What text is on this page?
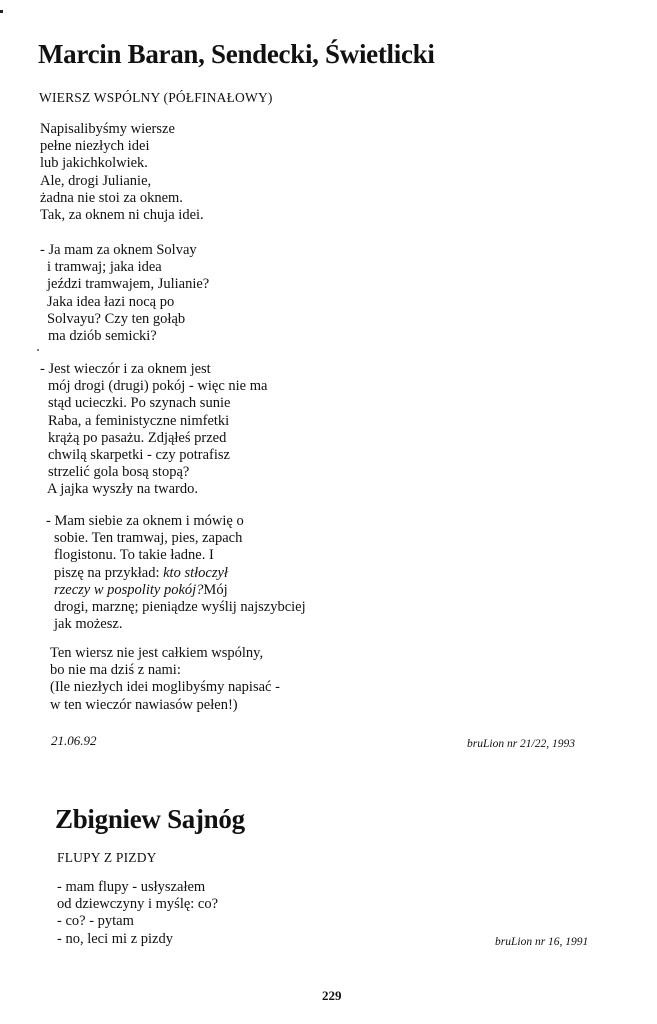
Marcin Baran, Sendecki, Świetlicki
WIERSZ WSPÓLNY (PÓŁFINAŁOWY)
Napisalibyśmy wiersze
pełne niezłych idei
lub jakichkolwiek.
Ale, drogi Julianie,
żadna nie stoi za oknem.
Tak, za oknem ni chuja idei.
- Ja mam za oknem Solvay
i tramwaj; jaka idea
jeździ tramwajem, Julianie?
Jaka idea łazi nocą po
Solvayu? Czy ten gołąb
ma dziób semicki?
- Jest wieczór i za oknem jest
mój drogi (drugi) pokój - więc nie ma
stąd ucieczki. Po szynach sunie
Raba, a feministyczne nimfetki
krążą po pasażu. Zdjąłeś przed
chwilą skarpetki - czy potrafisz
strzelić gola bosą stopą?
A jajka wyszły na twardo.
- Mam siebie za oknem i mówię o
sobie. Ten tramwaj, pies, zapach
flogistonu. To takie ładne. I
piszę na przykład: kto stłoczył
rzeczy w pospolity pokój?Mój
drogi, marznę; pieniądze wyślij najszybciej
jak możesz.
Ten wiersz nie jest całkiem wspólny,
bo nie ma dziś z nami:
(Ile niezłych idei moglibyśmy napisać -
w ten wieczór nawiasów pełen!)
21.06.92	bruLion nr 21/22, 1993
Zbigniew Sajnóg
FLUPY Z PIZDY
- mam flupy - usłyszałem
od dziewczyny i myślę: co?
- co? - pytam
- no, leci mi z pizdy	bruLion nr 16, 1991
229
